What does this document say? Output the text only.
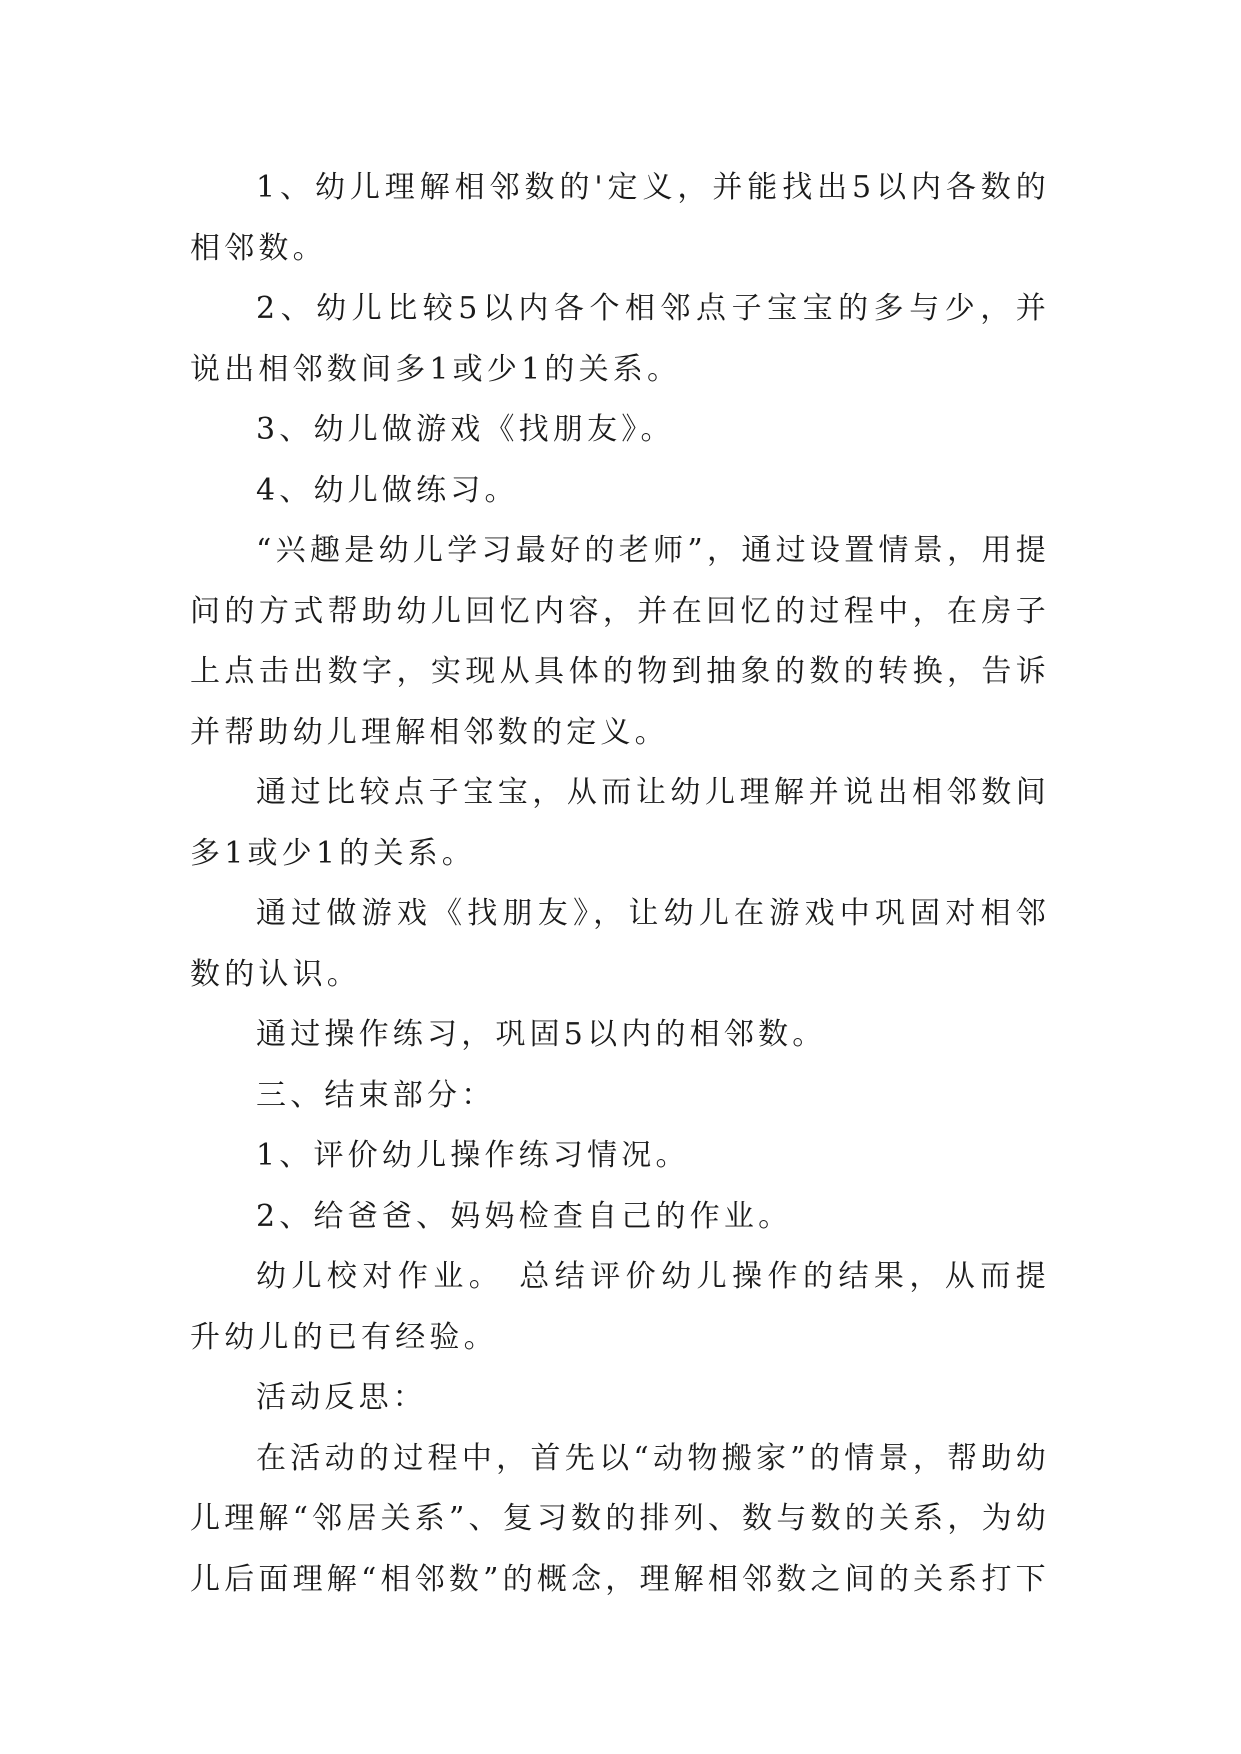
1、幼儿理解相邻数的'定义，并能找出5以内各数的相邻数。

2、幼儿比较5以内各个相邻点子宝宝的多与少，并说出相邻数间多1或少1的关系。

3、幼儿做游戏《找朋友》。

4、幼儿做练习。

“兴趣是幼儿学习最好的老师”，通过设置情景，用提问的方式帮助幼儿回忆内容，并在回忆的过程中，在房子上点击出数字，实现从具体的物到抽象的数的转换，告诉并帮助幼儿理解相邻数的定义。

通过比较点子宝宝，从而让幼儿理解并说出相邻数间多1或少1的关系。

通过做游戏《找朋友》，让幼儿在游戏中巩固对相邻数的认识。

通过操作练习，巩固5以内的相邻数。

三、结束部分：

1、评价幼儿操作练习情况。

2、给爸爸、妈妈检查自己的作业。

幼儿校对作业。 总结评价幼儿操作的结果，从而提升幼儿的已有经验。

活动反思：

在活动的过程中，首先以“动物搬家”的情景，帮助幼儿理解“邻居关系”、复习数的排列、数与数的关系，为幼儿后面理解“相邻数”的概念，理解相邻数之间的关系打下
